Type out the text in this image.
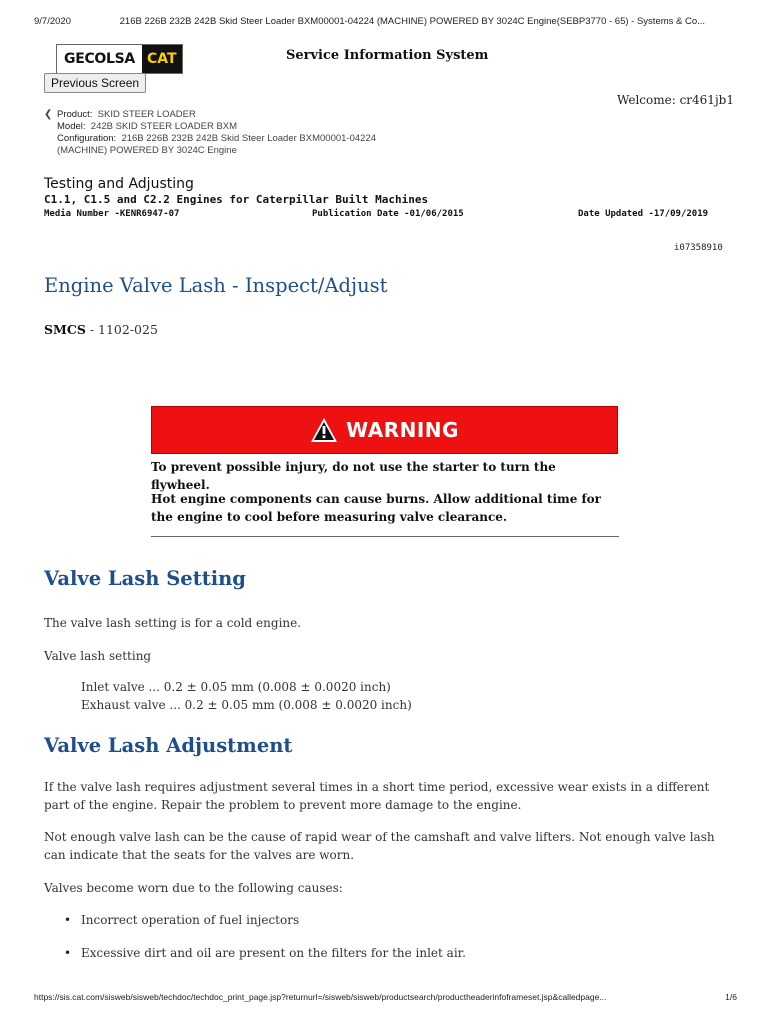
9/7/2020	216B 226B 232B 242B Skid Steer Loader BXM00001-04224 (MACHINE) POWERED BY 3024C Engine(SEBP3770 - 65) - Systems & Co...
GECOLSA CAT	Service Information System
Previous Screen
Welcome: cr461jb1
❮ Product: SKID STEER LOADER
Model: 242B SKID STEER LOADER BXM
Configuration: 216B 226B 232B 242B Skid Steer Loader BXM00001-04224
(MACHINE) POWERED BY 3024C Engine
Testing and Adjusting
C1.1, C1.5 and C2.2 Engines for Caterpillar Built Machines
Media Number -KENR6947-07	Publication Date -01/06/2015	Date Updated -17/09/2019
i07358910
Engine Valve Lash - Inspect/Adjust
SMCS - 1102-025
WARNING
To prevent possible injury, do not use the starter to turn the flywheel.
Hot engine components can cause burns. Allow additional time for the engine to cool before measuring valve clearance.
Valve Lash Setting
The valve lash setting is for a cold engine.
Valve lash setting
Inlet valve ... 0.2 ± 0.05 mm (0.008 ± 0.0020 inch)
Exhaust valve ... 0.2 ± 0.05 mm (0.008 ± 0.0020 inch)
Valve Lash Adjustment
If the valve lash requires adjustment several times in a short time period, excessive wear exists in a different part of the engine. Repair the problem to prevent more damage to the engine.
Not enough valve lash can be the cause of rapid wear of the camshaft and valve lifters. Not enough valve lash can indicate that the seats for the valves are worn.
Valves become worn due to the following causes:
• Incorrect operation of fuel injectors
• Excessive dirt and oil are present on the filters for the inlet air.
https://sis.cat.com/sisweb/sisweb/techdoc/techdoc_print_page.jsp?returnurl=/sisweb/sisweb/productsearch/productheaderinfoframeset.jsp&calledpage...	1/6
